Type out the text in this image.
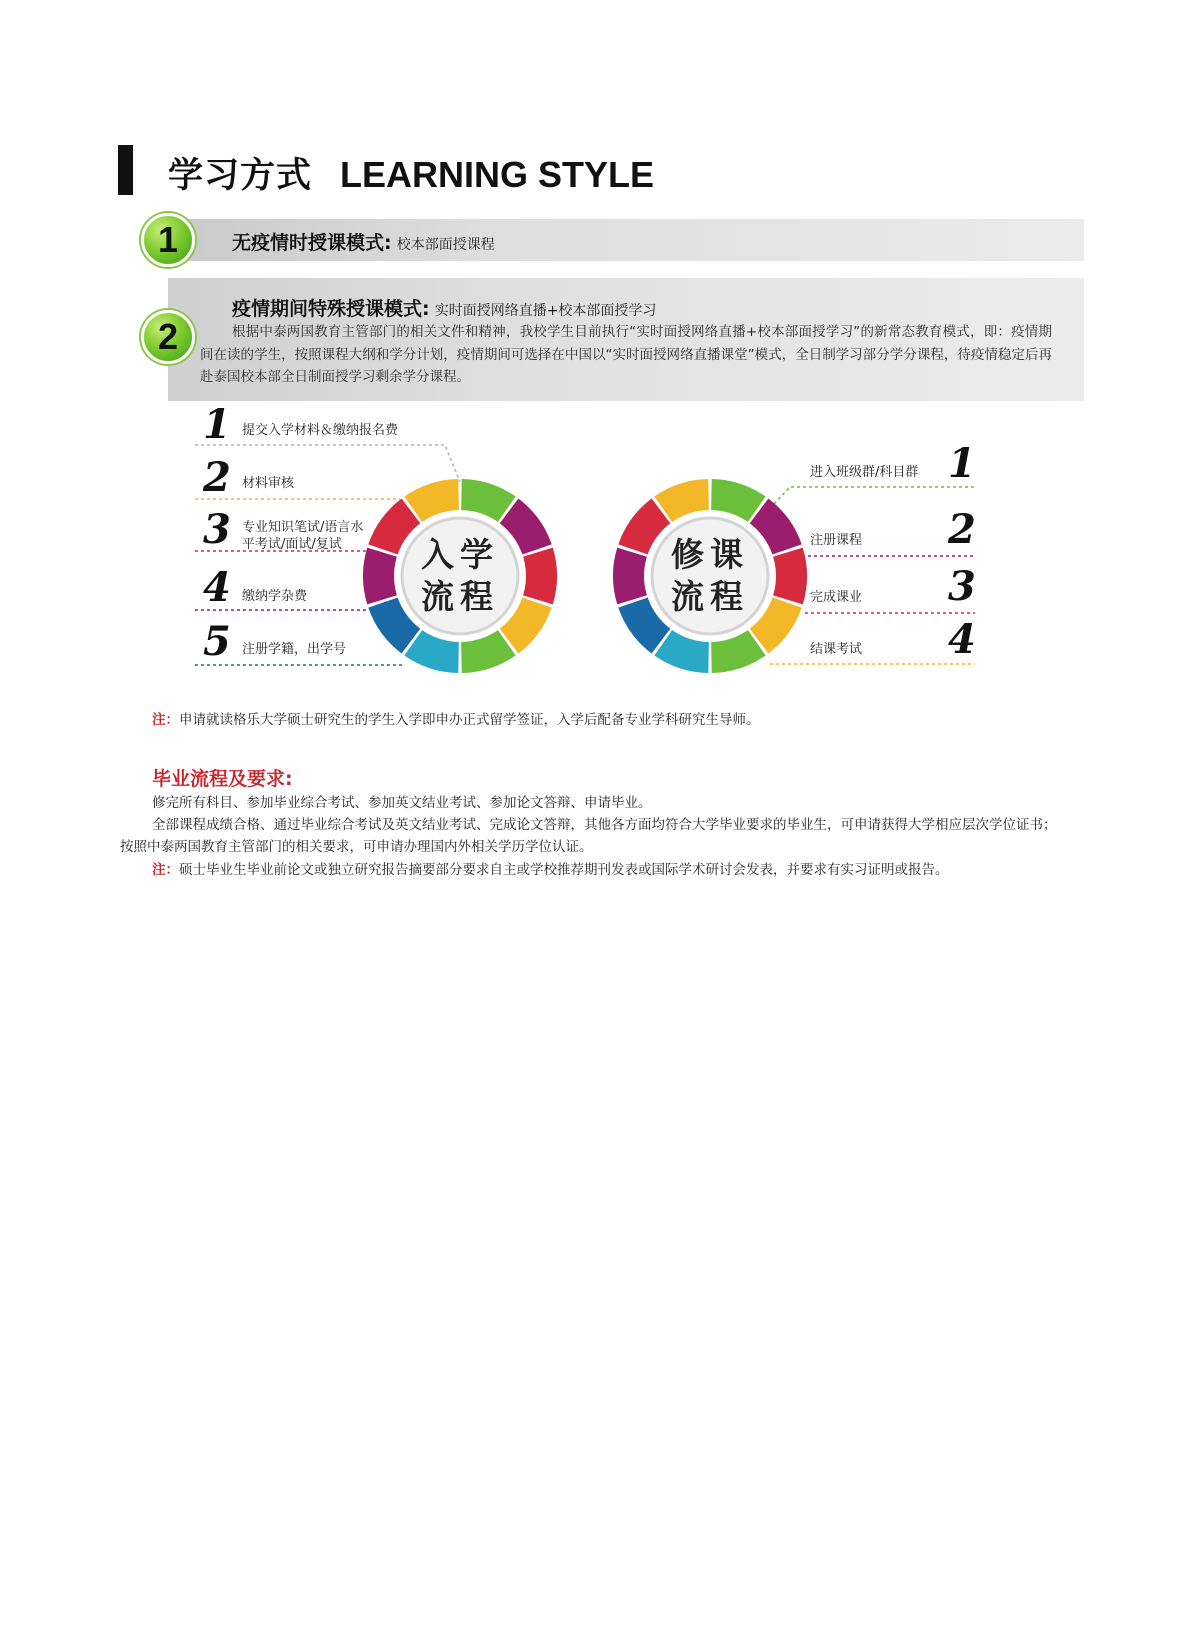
学习方式 LEARNING STYLE
1	无疫情时授课模式: 校本部面授课程
2
疫情期间特殊授课模式: 实时面授网络直播+校本部面授学习
根据中泰两国教育主管部门的相关文件和精神，我校学生目前执行“实时面授网络直播+校本部面授学习”的新常态教育模式，即：疫情期间在读的学生，按照课程大纲和学分计划，疫情期间可选择在中国以“实时面授网络直播课堂”模式，全日制学习部分学分课程，待疫情稳定后再赴泰国校本部全日制面授学习剩余学分课程。
1 提交入学材料＆缴纳报名费
2 材料审核
3 专业知识笔试/语言水
平考试/面试/复试
4 缴纳学杂费
5 注册学籍，出学号
入学
流程
进入班级群/科目群 1
注册课程 2
完成课业 3
结课考试 4
修课
流程
注：申请就读格乐大学硕士研究生的学生入学即申办正式留学签证，入学后配备专业学科研究生导师。
毕业流程及要求:
修完所有科目、参加毕业综合考试、参加英文结业考试、参加论文答辩、申请毕业。
全部课程成绩合格、通过毕业综合考试及英文结业考试、完成论文答辩，其他各方面均符合大学毕业要求的毕业生，可申请获得大学相应层次学位证书；
按照中泰两国教育主管部门的相关要求，可申请办理国内外相关学历学位认证。
注：硕士毕业生毕业前论文或独立研究报告摘要部分要求自主或学校推荐期刊发表或国际学术研讨会发表，并要求有实习证明或报告。
